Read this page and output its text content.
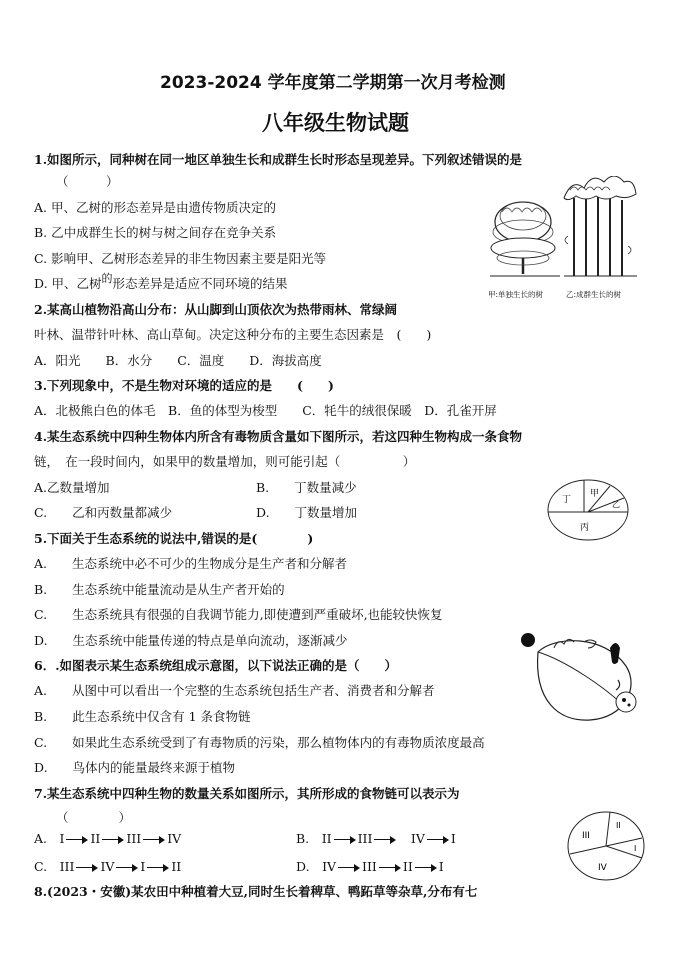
2023-2024 学年度第二学期第一次月考检测
八年级生物试题
1.如图所示，同种树在同一地区单独生长和成群生长时形态呈现差异。下列叙述错误的是
（　　　）
A. 甲、乙树的形态差异是由遗传物质决定的
B. 乙中成群生长的树与树之间存在竞争关系
C. 影响甲、乙树形态差异的非生物因素主要是阳光等
D. 甲、乙树的形态差异是适应不同环境的结果
甲:单独生长的树	乙:成群生长的树
2.某高山植物沿高山分布：从山脚到山顶依次为热带雨林、常绿阔
叶林、温带针叶林、高山草甸。决定这种分布的主要生态因素是　(　　)
A．阳光　　B．水分　　C．温度　　D．海拔高度
3.下列现象中，不是生物对环境的适应的是　　(　　)
A．北极熊白色的体毛　B．鱼的体型为梭型　　C．牦牛的绒很保暖　D．孔雀开屏
4.某生态系统中四种生物体内所含有毒物质含量如下图所示，若这四种生物构成一条食物
链，　在一段时间内，如果甲的数量增加，则可能引起（　　　　　）
A.乙数量增加	B.　　丁数量减少
C.　　乙和丙数量都减少	D.　　丁数量增加
丁
甲
乙
丙
5.下面关于生态系统的说法中,错误的是(　　　　)
A.　　生态系统中必不可少的生物成分是生产者和分解者
B.　　生态系统中能量流动是从生产者开始的
C.　　生态系统具有很强的自我调节能力,即使遭到严重破坏,也能较快恢复
D.　　生态系统中能量传递的特点是单向流动，逐渐减少
6．.如图表示某生态系统组成示意图，以下说法正确的是（　　）
A.　　从图中可以看出一个完整的生态系统包括生产者、消费者和分解者
B.　　此生态系统中仅含有 1 条食物链
C.　　如果此生态系统受到了有毒物质的污染，那么植物体内的有毒物质浓度最高
D.　　鸟体内的能量最终来源于植物
7.某生态系统中四种生物的数量关系如图所示，其所形成的食物链可以表示为
（　　　　）
A.　 I II III IV	B.　 II III　	IV I
C.　 III IV I II	D.　 IV III II I
III
II
I
IV
8.(2023・安徽)某农田中种植着大豆,同时生长着稗草、鸭跖草等杂草,分布有七
